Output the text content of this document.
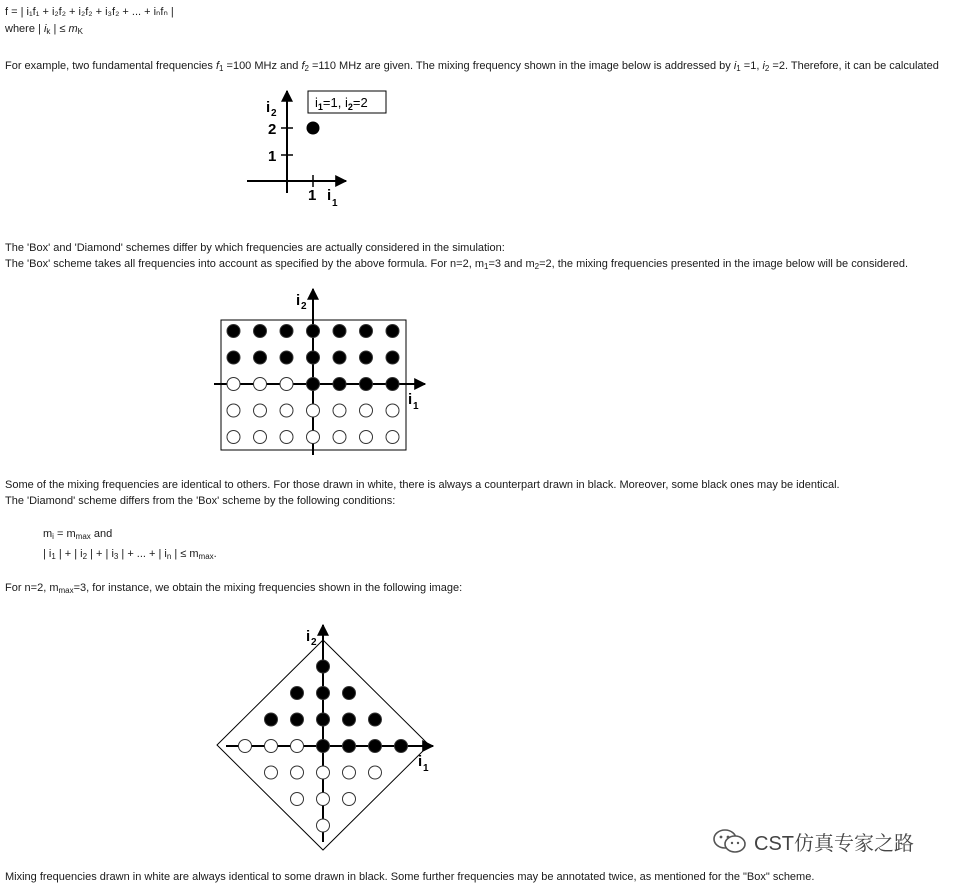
f = | i₁f₁ + i₂f₂ + i₂f₂ + i₃f₂ + ... + iₙfₙ |
where | $i_k$ | ≤ $m_K$
For example, two fundamental frequencies $f_1 =100$ MHz and $f_2 =110$ MHz are given. The mixing frequency shown in the image below is addressed by $i_1 =1$, $i_2 =2$. Therefore, it can be calculated
The 'Box' and 'Diamond' schemes differ by which frequencies are actually considered in the simulation:
The 'Box' scheme takes all frequencies into account as specified by the above formula. For n=2, $m_1=3$ and $m_2=2$, the mixing frequencies presented in the image below will be considered.
Some of the mixing frequencies are identical to others. For those drawn in white, there is always a counterpart drawn in black. Moreover, some black ones may be identical.
The 'Diamond' scheme differs from the 'Box' scheme by the following conditions:
$m_i = m_{max}$ and
| $i_1$ | + | $i_2$ | + | $i_3$ | + ... + | $i_n$ | ≤ $m_{max}$.
For n=2, $m_{max}=3$, for instance, we obtain the mixing frequencies shown in the following image:
Mixing frequencies drawn in white are always identical to some drawn in black. Some further frequencies may be annotated twice, as mentioned for the "Box" scheme.
i 2
2
1
1 i 1
$i_1=1$, $i_2=2$
i 2
i 1
i 2
i 1
CST仿真专家之路
